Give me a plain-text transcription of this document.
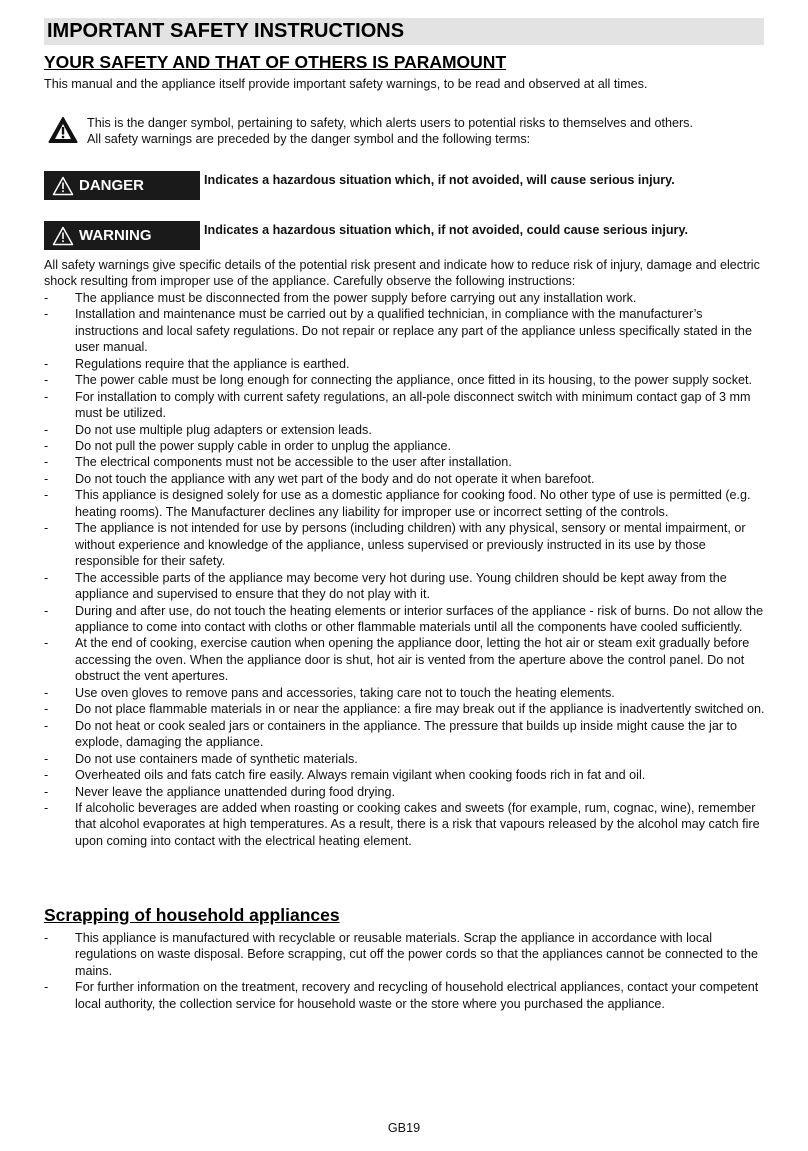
IMPORTANT SAFETY INSTRUCTIONS
YOUR SAFETY AND THAT OF OTHERS IS PARAMOUNT
This manual and the appliance itself provide important safety warnings, to be read and observed at all times.
This is the danger symbol, pertaining to safety, which alerts users to potential risks to themselves and others.
All safety warnings are preceded by the danger symbol and the following terms:
DANGER	Indicates a hazardous situation which, if not avoided, will cause serious injury.
WARNING	Indicates a hazardous situation which, if not avoided, could cause serious injury.

All safety warnings give specific details of the potential risk present and indicate how to reduce risk of injury, damage and electric shock resulting from improper use of the appliance. Carefully observe the following instructions:

- The appliance must be disconnected from the power supply before carrying out any installation work.
- Installation and maintenance must be carried out by a qualified technician, in compliance with the manufacturer’s instructions and local safety regulations. Do not repair or replace any part of the appliance unless specifically stated in the user manual.
- Regulations require that the appliance is earthed.
- The power cable must be long enough for connecting the appliance, once fitted in its housing, to the power supply socket.
- For installation to comply with current safety regulations, an all-pole disconnect switch with minimum contact gap of 3 mm must be utilized.
- Do not use multiple plug adapters or extension leads.
- Do not pull the power supply cable in order to unplug the appliance.
- The electrical components must not be accessible to the user after installation.
- Do not touch the appliance with any wet part of the body and do not operate it when barefoot.
- This appliance is designed solely for use as a domestic appliance for cooking food. No other type of use is permitted (e.g. heating rooms). The Manufacturer declines any liability for improper use or incorrect setting of the controls.
- The appliance is not intended for use by persons (including children) with any physical, sensory or mental impairment, or without experience and knowledge of the appliance, unless supervised or previously instructed in its use by those responsible for their safety.
- The accessible parts of the appliance may become very hot during use. Young children should be kept away from the appliance and supervised to ensure that they do not play with it.
- During and after use, do not touch the heating elements or interior surfaces of the appliance - risk of burns. Do not allow the appliance to come into contact with cloths or other flammable materials until all the components have cooled sufficiently.
- At the end of cooking, exercise caution when opening the appliance door, letting the hot air or steam exit gradually before accessing the oven. When the appliance door is shut, hot air is vented from the aperture above the control panel. Do not obstruct the vent apertures.
- Use oven gloves to remove pans and accessories, taking care not to touch the heating elements.
- Do not place flammable materials in or near the appliance: a fire may break out if the appliance is inadvertently switched on.
- Do not heat or cook sealed jars or containers in the appliance. The pressure that builds up inside might cause the jar to explode, damaging the appliance.
- Do not use containers made of synthetic materials.
- Overheated oils and fats catch fire easily. Always remain vigilant when cooking foods rich in fat and oil.
- Never leave the appliance unattended during food drying.
- If alcoholic beverages are added when roasting or cooking cakes and sweets (for example, rum, cognac, wine), remember that alcohol evaporates at high temperatures. As a result, there is a risk that vapours released by the alcohol may catch fire upon coming into contact with the electrical heating element.
Scrapping of household appliances
- This appliance is manufactured with recyclable or reusable materials. Scrap the appliance in accordance with local regulations on waste disposal. Before scrapping, cut off the power cords so that the appliances cannot be connected to the mains.
- For further information on the treatment, recovery and recycling of household electrical appliances, contact your competent local authority, the collection service for household waste or the store where you purchased the appliance.
GB19
